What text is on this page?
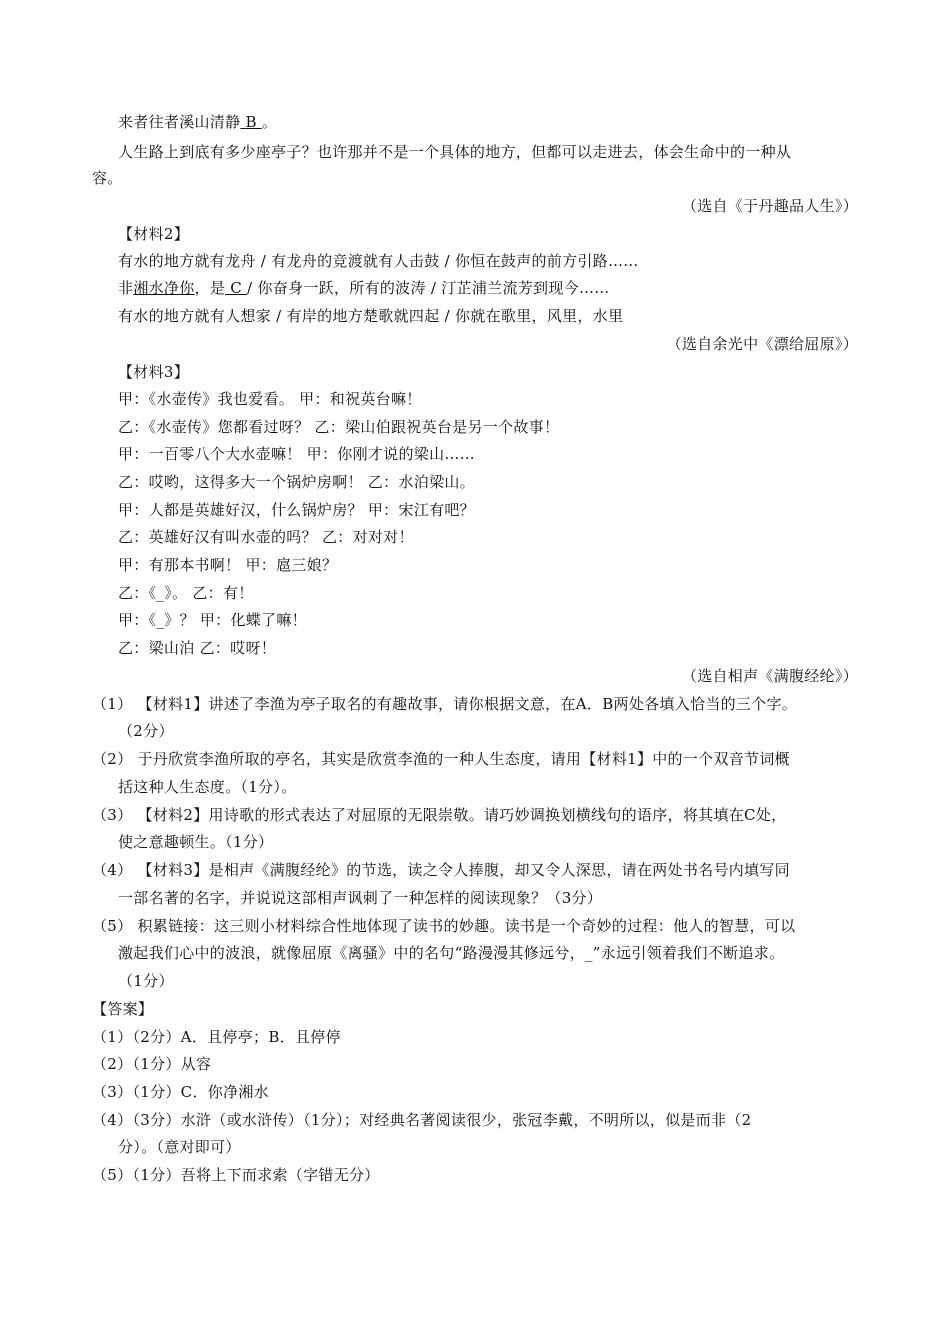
来者往者溪山清静 B 。
人生路上到底有多少座亭子？也许那并不是一个具体的地方，但都可以走进去，体会生命中的一种从
容。
（选自《于丹趣品人生》）
【材料2】
有水的地方就有龙舟 / 有龙舟的竞渡就有人击鼓 / 你恒在鼓声的前方引路……
非湘水净你，是 C / 你奋身一跃，所有的波涛 / 汀芷浦兰流芳到现今……
有水的地方就有人想家 / 有岸的地方楚歌就四起 / 你就在歌里，风里，水里
（选自余光中《漂给屈原》）
【材料3】
甲：《水壶传》我也爱看。 甲：和祝英台嘛！
乙：《水壶传》您都看过呀？ 乙：梁山伯跟祝英台是另一个故事！
甲：一百零八个大水壶嘛！ 甲：你刚才说的梁山……
乙：哎哟，这得多大一个锅炉房啊！ 乙：水泊梁山。
甲：人都是英雄好汉，什么锅炉房？ 甲：宋江有吧？
乙：英雄好汉有叫水壶的吗？ 乙：对对对！
甲：有那本书啊！ 甲：扈三娘？
乙：《_》。 乙：有！
甲：《_》？ 甲：化蝶了嘛！
乙：梁山泊 乙：哎呀！
（选自相声《满腹经纶》）
（1） 【材料1】讲述了李渔为亭子取名的有趣故事，请你根据文意，在A．B两处各填入恰当的三个字。
（2分）
（2） 于丹欣赏李渔所取的亭名，其实是欣赏李渔的一种人生态度，请用【材料1】中的一个双音节词概
括这种人生态度。（1分）。
（3） 【材料2】用诗歌的形式表达了对屈原的无限崇敬。请巧妙调换划横线句的语序，将其填在C处，
使之意趣顿生。（1分）
（4） 【材料3】是相声《满腹经纶》的节选，读之令人捧腹，却又令人深思，请在两处书名号内填写同
一部名著的名字，并说说这部相声讽刺了一种怎样的阅读现象？（3分）
（5） 积累链接：这三则小材料综合性地体现了读书的妙趣。读书是一个奇妙的过程：他人的智慧，可以
激起我们心中的波浪，就像屈原《离骚》中的名句“路漫漫其修远兮，_”永远引领着我们不断追求。
（1分）
【答案】
（1）（2分）A．且停亭；B．且停停
（2）（1分）从容
（3）（1分）C．你净湘水
（4）（3分）水浒（或水浒传）（1分）；对经典名著阅读很少，张冠李戴，不明所以，似是而非（2
分）。（意对即可）
（5）（1分）吾将上下而求索（字错无分）
